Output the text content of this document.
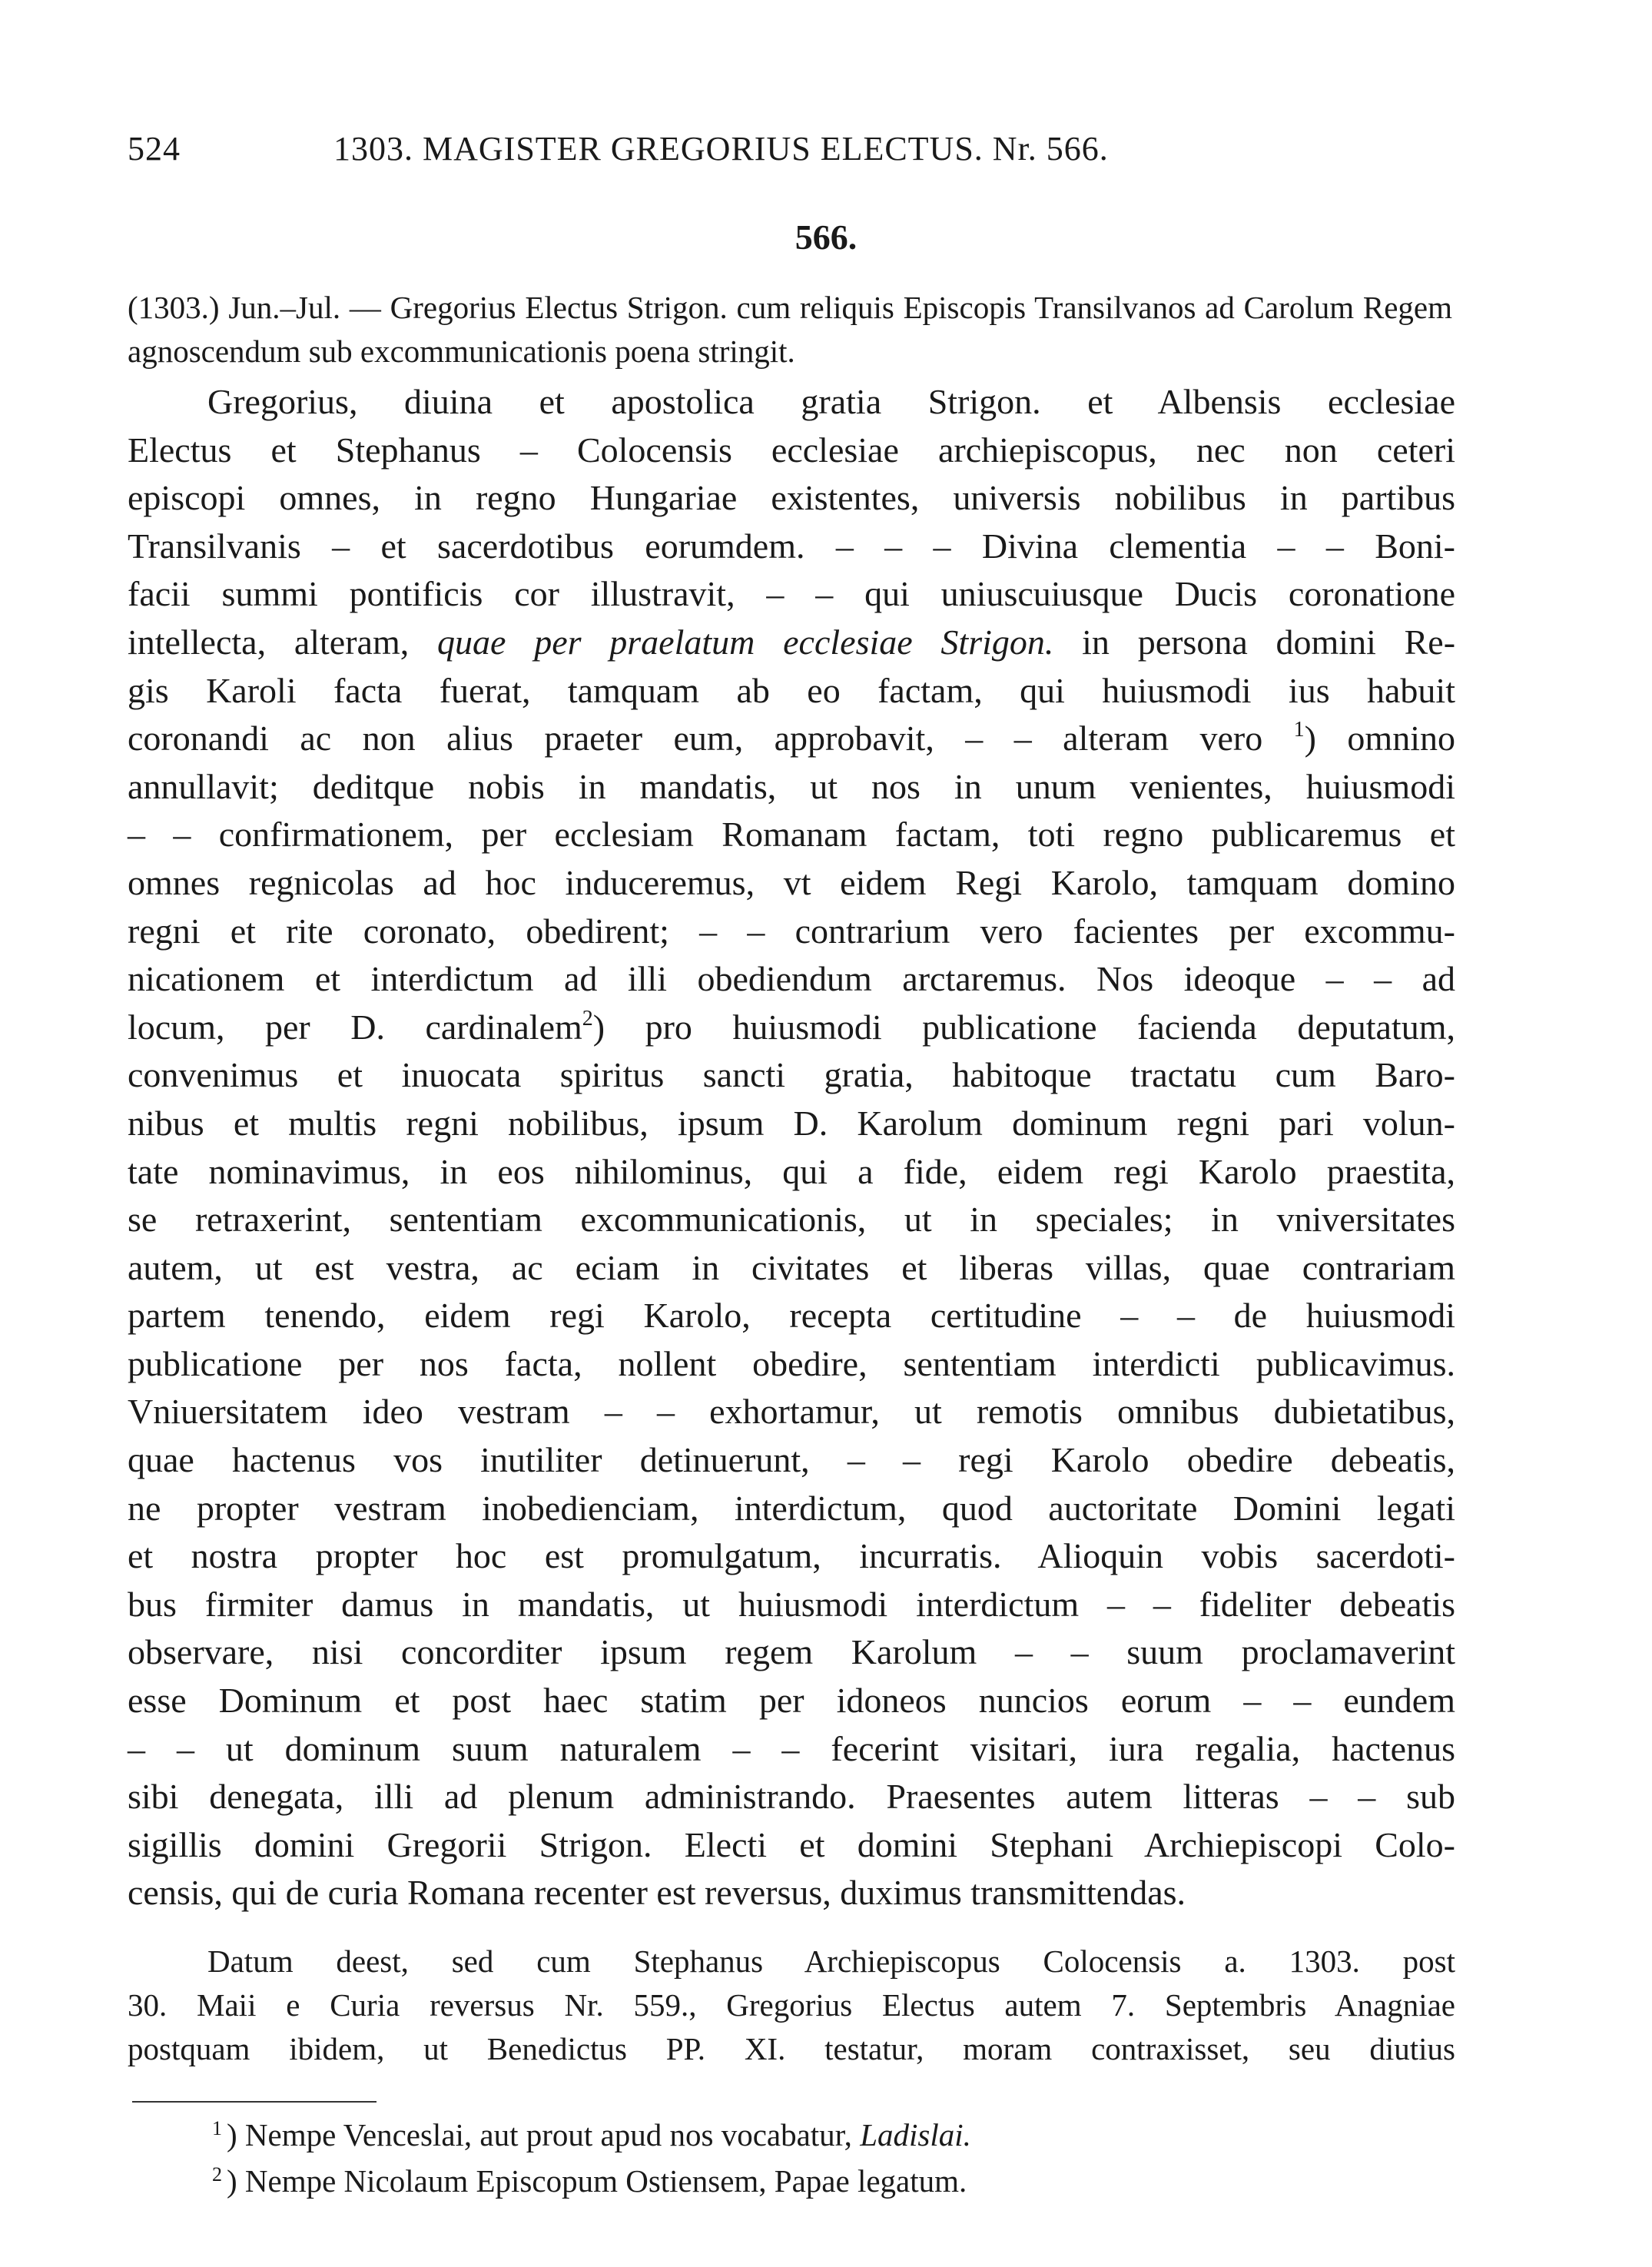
524	1303. MAGISTER GREGORIUS ELECTUS. Nr. 566.
566.
(1303.) Jun.–Jul. — Gregorius Electus Strigon. cum reliquis Episcopis Transilvanos ad Carolum Regem agnoscendum sub excommunicationis poena stringit.
Gregorius, diuina et apostolica gratia Strigon. et Albensis ecclesiae
Electus et Stephanus – Colocensis ecclesiae archiepiscopus, nec non ceteri
episcopi omnes, in regno Hungariae existentes, universis nobilibus in partibus
Transilvanis – et sacerdotibus eorumdem. – – – Divina clementia – – Boni-
facii summi pontificis cor illustravit, – – qui uniuscuiusque Ducis coronatione
intellecta, alteram, quae per praelatum ecclesiae Strigon. in persona domini Re-
gis Karoli facta fuerat, tamquam ab eo factam, qui huiusmodi ius habuit
coronandi ac non alius praeter eum, approbavit, – – alteram vero $^1$) omnino
annullavit; deditque nobis in mandatis, ut nos in unum venientes, huiusmodi
– – confirmationem, per ecclesiam Romanam factam, toti regno publicaremus et
omnes regnicolas ad hoc induceremus, vt eidem Regi Karolo, tamquam domino
regni et rite coronato, obedirent; – – contrarium vero facientes per excommu-
nicationem et interdictum ad illi obediendum arctaremus. Nos ideoque – – ad
locum, per D. cardinalem$^2$) pro huiusmodi publicatione facienda deputatum,
convenimus et inuocata spiritus sancti gratia, habitoque tractatu cum Baro-
nibus et multis regni nobilibus, ipsum D. Karolum dominum regni pari volun-
tate nominavimus, in eos nihilominus, qui a fide, eidem regi Karolo praestita,
se retraxerint, sententiam excommunicationis, ut in speciales; in vniversitates
autem, ut est vestra, ac eciam in civitates et liberas villas, quae contrariam
partem tenendo, eidem regi Karolo, recepta certitudine – – de huiusmodi
publicatione per nos facta, nollent obedire, sententiam interdicti publicavimus.
Vniuersitatem ideo vestram – – exhortamur, ut remotis omnibus dubietatibus,
quae hactenus vos inutiliter detinuerunt, – – regi Karolo obedire debeatis,
ne propter vestram inobedienciam, interdictum, quod auctoritate Domini legati
et nostra propter hoc est promulgatum, incurratis. Alioquin vobis sacerdoti-
bus firmiter damus in mandatis, ut huiusmodi interdictum – – fideliter debeatis
observare, nisi concorditer ipsum regem Karolum – – suum proclamaverint
esse Dominum et post haec statim per idoneos nuncios eorum – – eundem
– – ut dominum suum naturalem – – fecerint visitari, iura regalia, hactenus
sibi denegata, illi ad plenum administrando. Praesentes autem litteras – – sub
sigillis domini Gregorii Strigon. Electi et domini Stephani Archiepiscopi Colo-
censis, qui de curia Romana recenter est reversus, duximus transmittendas.
Datum deest, sed cum Stephanus Archiepiscopus Colocensis a. 1303. post
30. Maii e Curia reversus Nr. 559., Gregorius Electus autem 7. Septembris Anagniae
postquam ibidem, ut Benedictus PP. XI. testatur, moram contraxisset, seu diutius
$^1$ ) Nempe Venceslai, aut prout apud nos vocabatur, Ladislai.
$^2$ ) Nempe Nicolaum Episcopum Ostiensem, Papae legatum.
